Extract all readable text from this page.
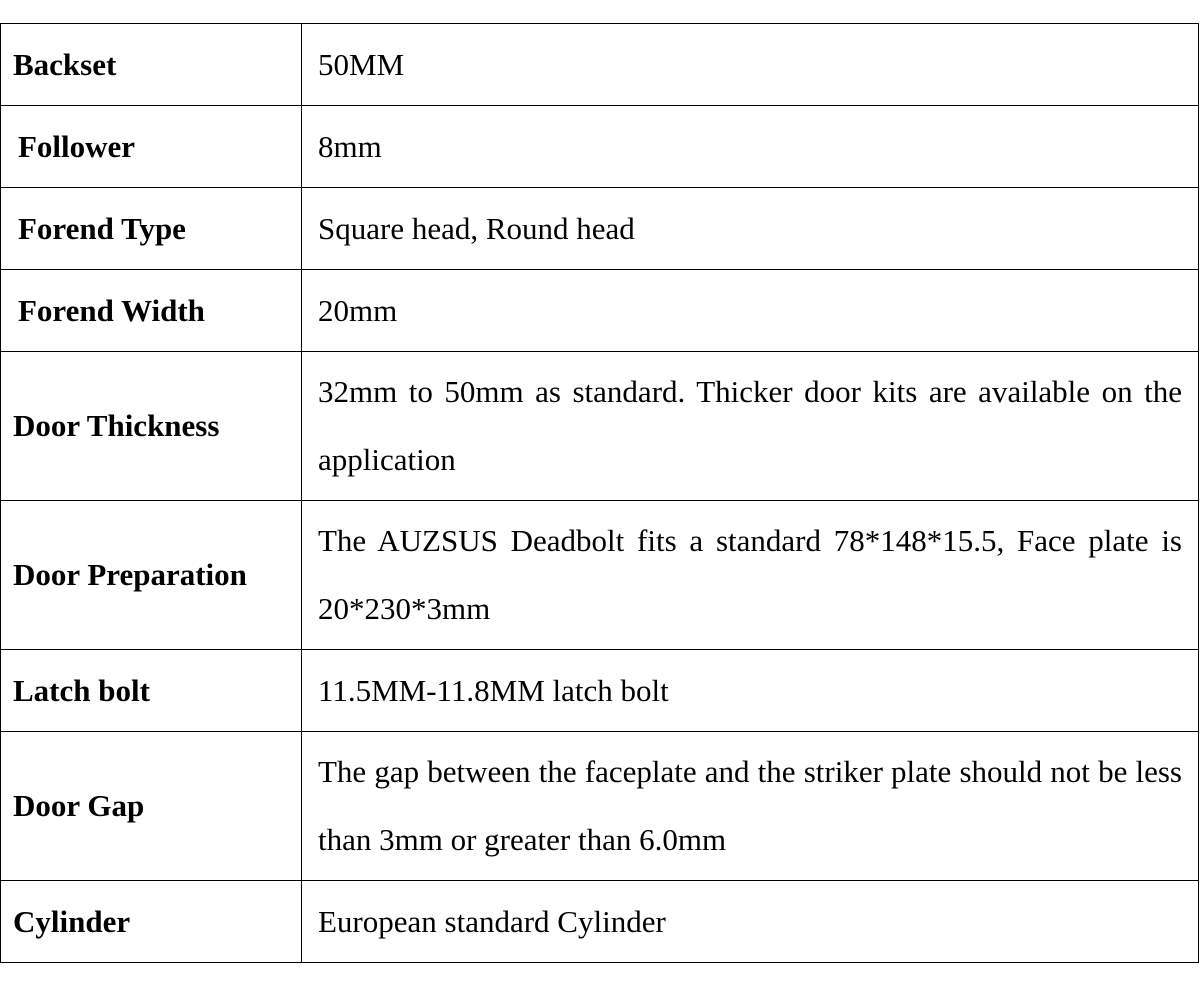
Backset	50MM
Follower	8mm
Forend Type	Square head, Round head
Forend Width	20mm
Door Thickness	32mm to 50mm as standard. Thicker door kits are available on the application
Door Preparation	The AUZSUS Deadbolt fits a standard 78*148*15.5, Face plate is 20*230*3mm
Latch bolt	11.5MM-11.8MM latch bolt
Door Gap	The gap between the faceplate and the striker plate should not be less than 3mm or greater than 6.0mm
Cylinder	European standard Cylinder
